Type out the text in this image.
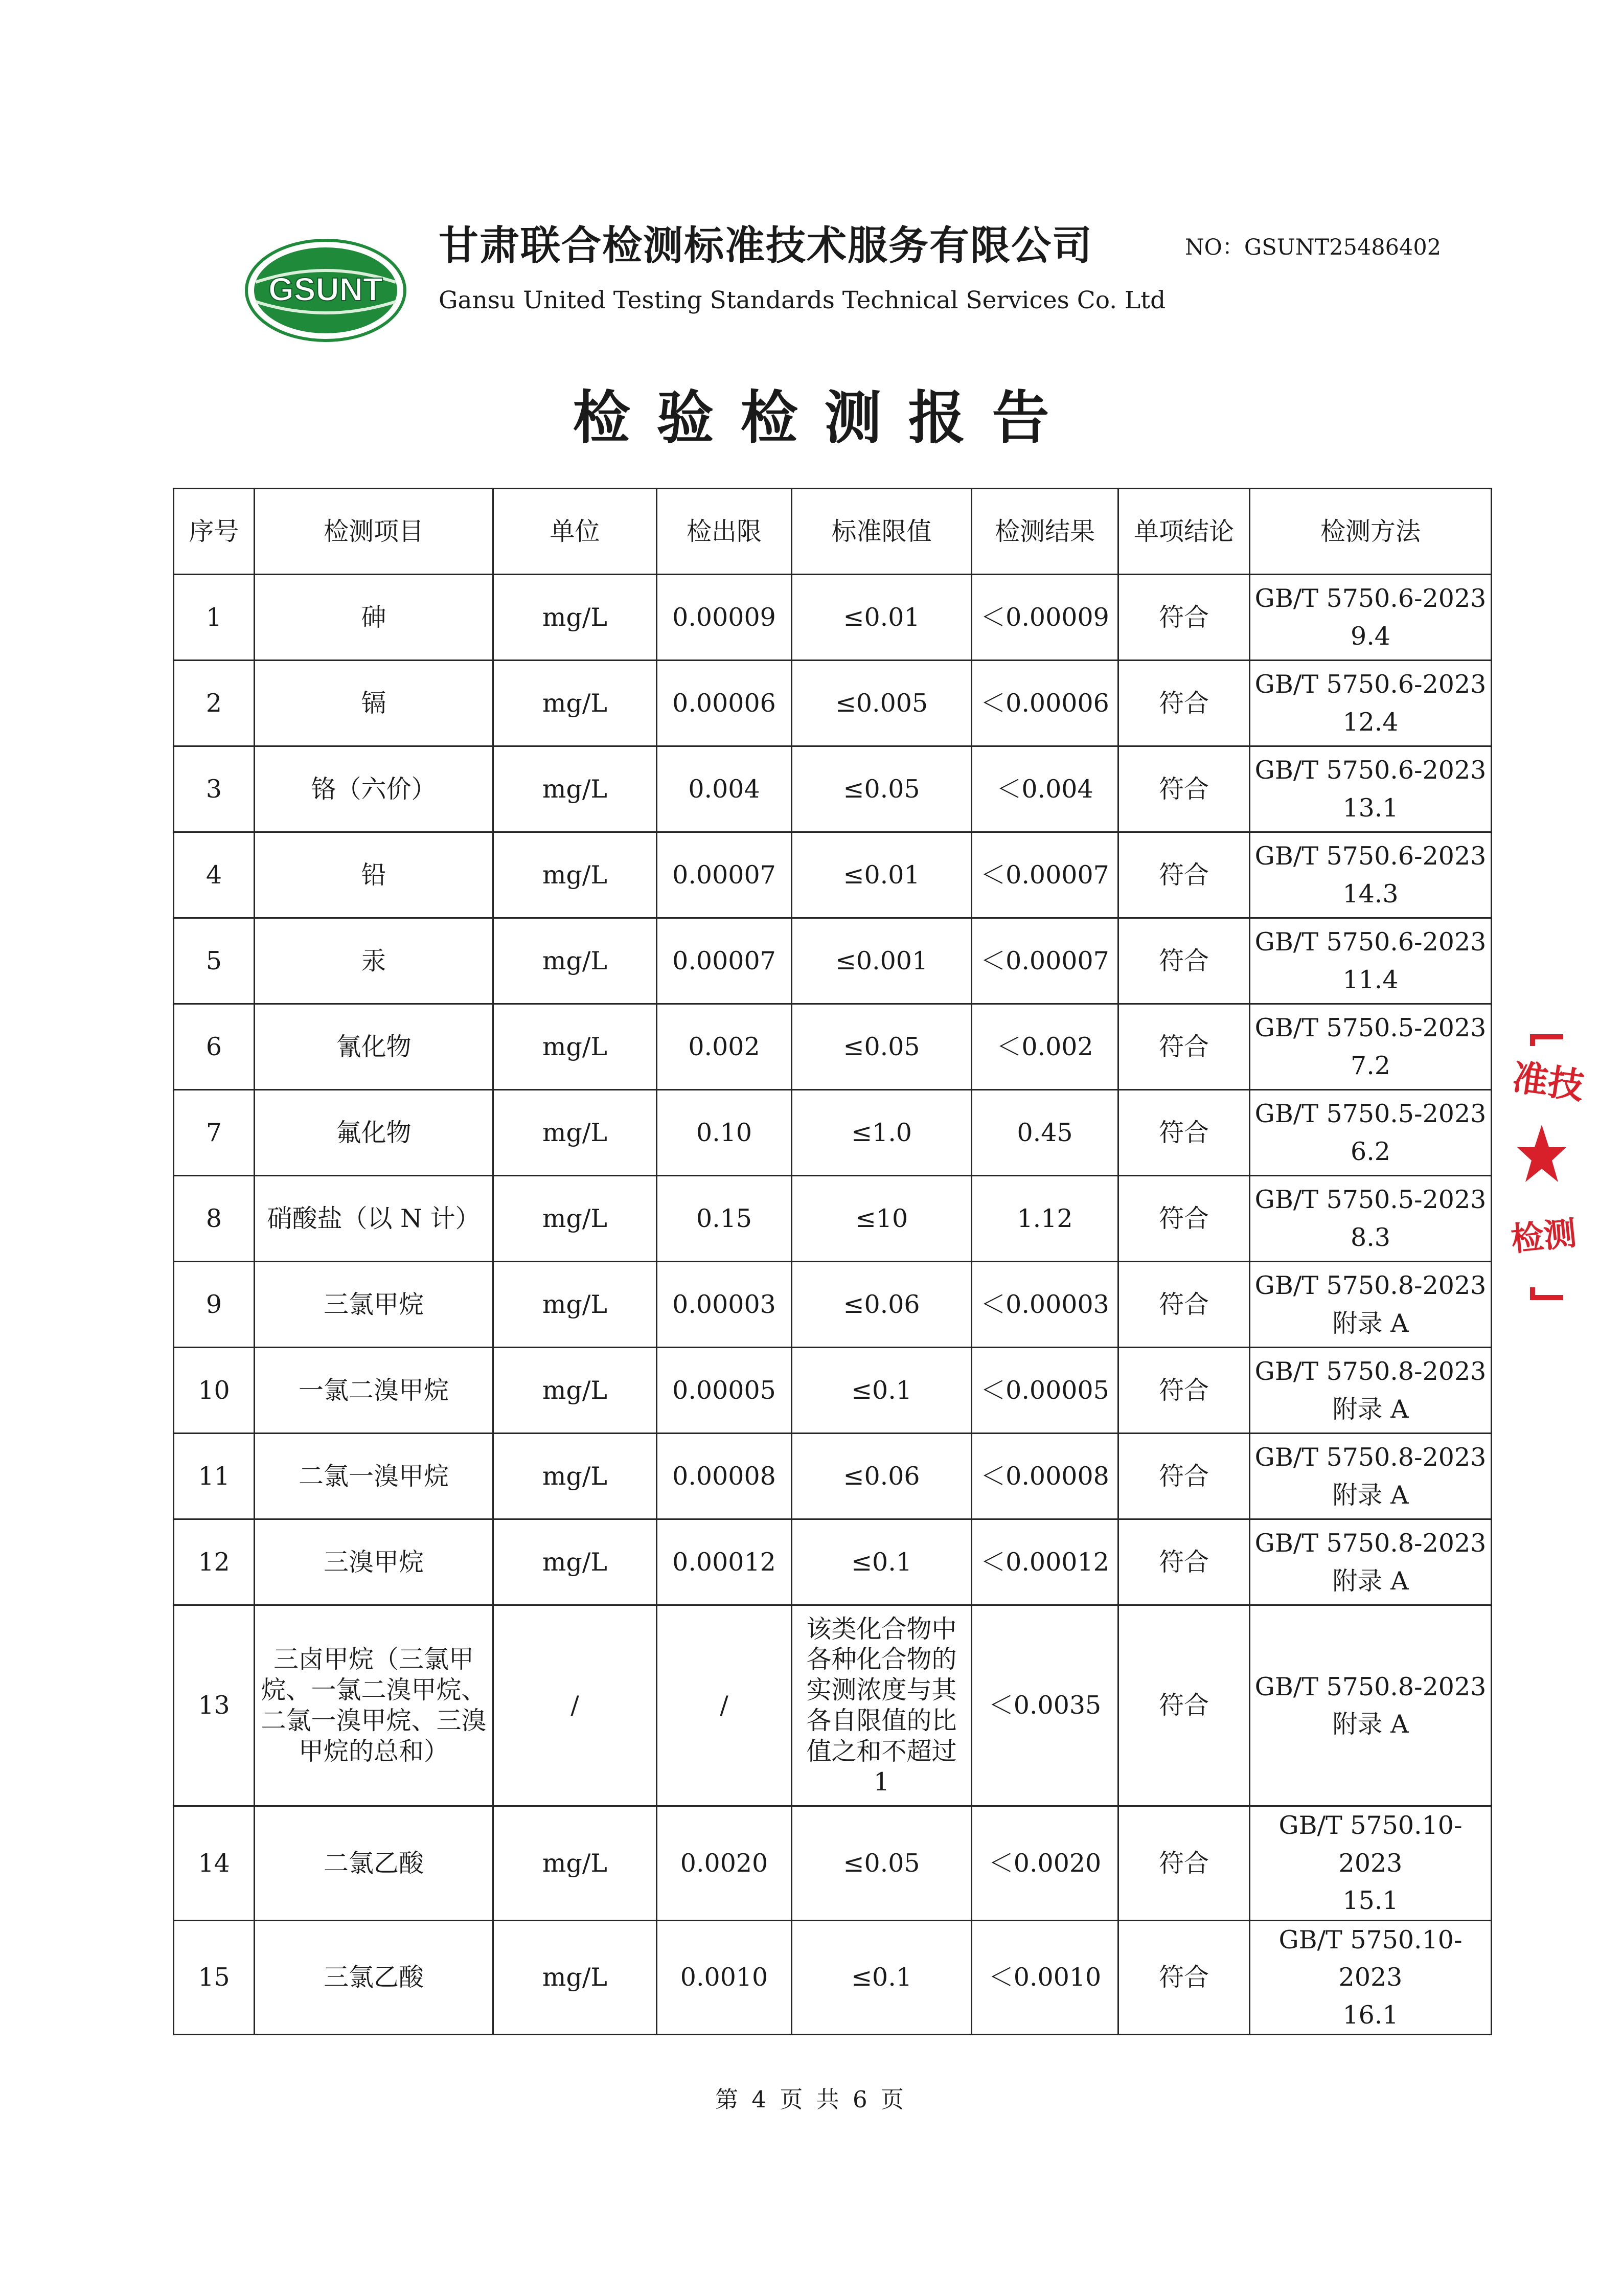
GSUNT
甘肃联合检测标准技术服务有限公司
Gansu United Testing Standards Technical Services Co. Ltd
NO：GSUNT25486402
检验检测报告
序号	检测项目	单位	检出限	标准限值	检测结果	单项结论	检测方法
1	砷	mg/L	0.00009	≤0.01	＜0.00009	符合	GB/T 5750.6-2023
9.4

2	镉	mg/L	0.00006	≤0.005	＜0.00006	符合	GB/T 5750.6-2023
12.4

3	铬（六价）	mg/L	0.004	≤0.05	＜0.004	符合	GB/T 5750.6-2023
13.1

4	铅	mg/L	0.00007	≤0.01	＜0.00007	符合	GB/T 5750.6-2023
14.3

5	汞	mg/L	0.00007	≤0.001	＜0.00007	符合	GB/T 5750.6-2023
11.4

6	氰化物	mg/L	0.002	≤0.05	＜0.002	符合	GB/T 5750.5-2023
7.2

7	氟化物	mg/L	0.10	≤1.0	0.45	符合	GB/T 5750.5-2023
6.2

8	硝酸盐（以 N 计）	mg/L	0.15	≤10	1.12	符合	GB/T 5750.5-2023
8.3

9	三氯甲烷	mg/L	0.00003	≤0.06	＜0.00003	符合	GB/T 5750.8-2023
附录 A

10	一氯二溴甲烷	mg/L	0.00005	≤0.1	＜0.00005	符合	GB/T 5750.8-2023
附录 A

11	二氯一溴甲烷	mg/L	0.00008	≤0.06	＜0.00008	符合	GB/T 5750.8-2023
附录 A

12	三溴甲烷	mg/L	0.00012	≤0.1	＜0.00012	符合	GB/T 5750.8-2023
附录 A

13	三卤甲烷（三氯甲烷、一氯二溴甲烷、二氯一溴甲烷、三溴甲烷的总和）	/	/	该类化合物中各种化合物的实测浓度与其各自限值的比值之和不超过 1	＜0.0035	符合	GB/T 5750.8-2023
附录 A

14	二氯乙酸	mg/L	0.0020	≤0.05	＜0.0020	符合	GB/T 5750.10-2023
15.1

15	三氯乙酸	mg/L	0.0010	≤0.1	＜0.0010	符合	GB/T 5750.10-2023
16.1
第 4 页 共 6 页
准技
检测
